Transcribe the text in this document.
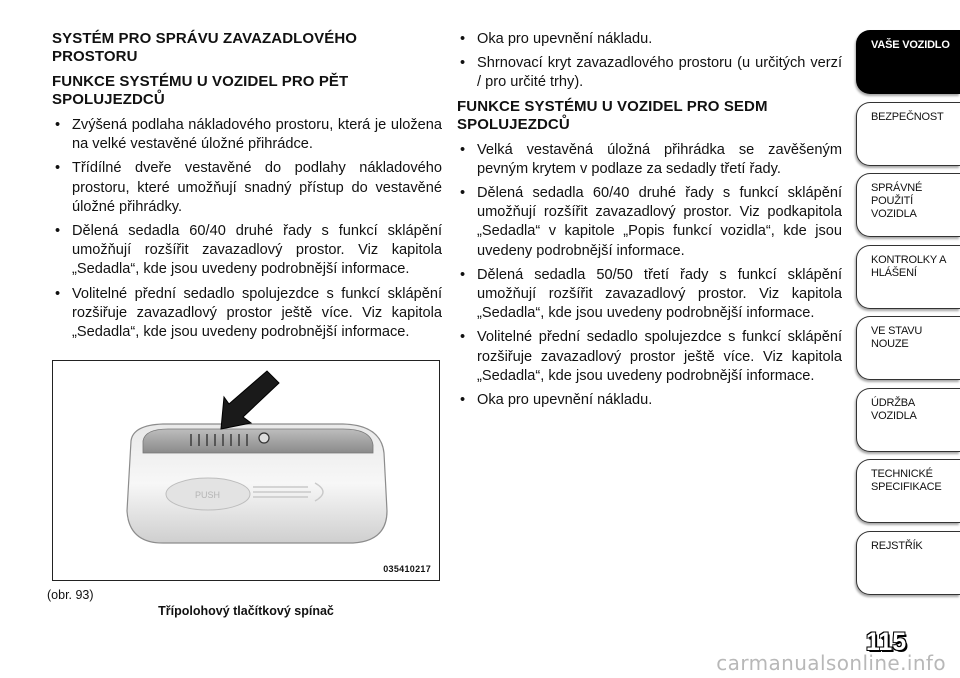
SYSTÉM PRO SPRÁVU ZAVAZADLOVÉHO PROSTORU
FUNKCE SYSTÉMU U VOZIDEL PRO PĚT SPOLUJEZDCŮ
• Zvýšená podlaha nákladového prostoru, která je uložena na velké vestavěné úložné přihrádce.
• Třídílné dveře vestavěné do podlahy nákladového prostoru, které umožňují snadný přístup do vestavěné úložné přihrádky.
• Dělená sedadla 60/40 druhé řady s funkcí sklápění umožňují rozšířit zavazadlový prostor. Viz kapitola „Sedadla“, kde jsou uvedeny podrobnější informace.
• Volitelné přední sedadlo spolujezdce s funkcí sklápění rozšiřuje zavazadlový prostor ještě více. Viz kapitola „Sedadla“, kde jsou uvedeny podrobnější informace.
• Oka pro upevnění nákladu.
• Shrnovací kryt zavazadlového prostoru (u určitých verzí / pro určité trhy).
FUNKCE SYSTÉMU U VOZIDEL PRO SEDM SPOLUJEZDCŮ
• Velká vestavěná úložná přihrádka se zavěšeným pevným krytem v podlaze za sedadly třetí řady.
• Dělená sedadla 60/40 druhé řady s funkcí sklápění umožňují rozšířit zavazadlový prostor. Viz podkapitola „Sedadla“ v kapitole „Popis funkcí vozidla“, kde jsou uvedeny podrobnější informace.
• Dělená sedadla 50/50 třetí řady s funkcí sklápění umožňují rozšířit zavazadlový prostor. Viz kapitola „Sedadla“, kde jsou uvedeny podrobnější informace.
• Volitelné přední sedadlo spolujezdce s funkcí sklápění rozšiřuje zavazadlový prostor ještě více. Viz kapitola „Sedadla“, kde jsou uvedeny podrobnější informace.
• Oka pro upevnění nákladu.
PUSH
035410217
(obr. 93)
Třípolohový tlačítkový spínač
VAŠE VOZIDLO
BEZPEČNOST
SPRÁVNÉ POUŽITÍ VOZIDLA
KONTROLKY A HLÁŠENÍ
VE STAVU NOUZE
ÚDRŽBA VOZIDLA
TECHNICKÉ SPECIFIKACE
REJSTŘÍK
115
carmanualsonline.info
